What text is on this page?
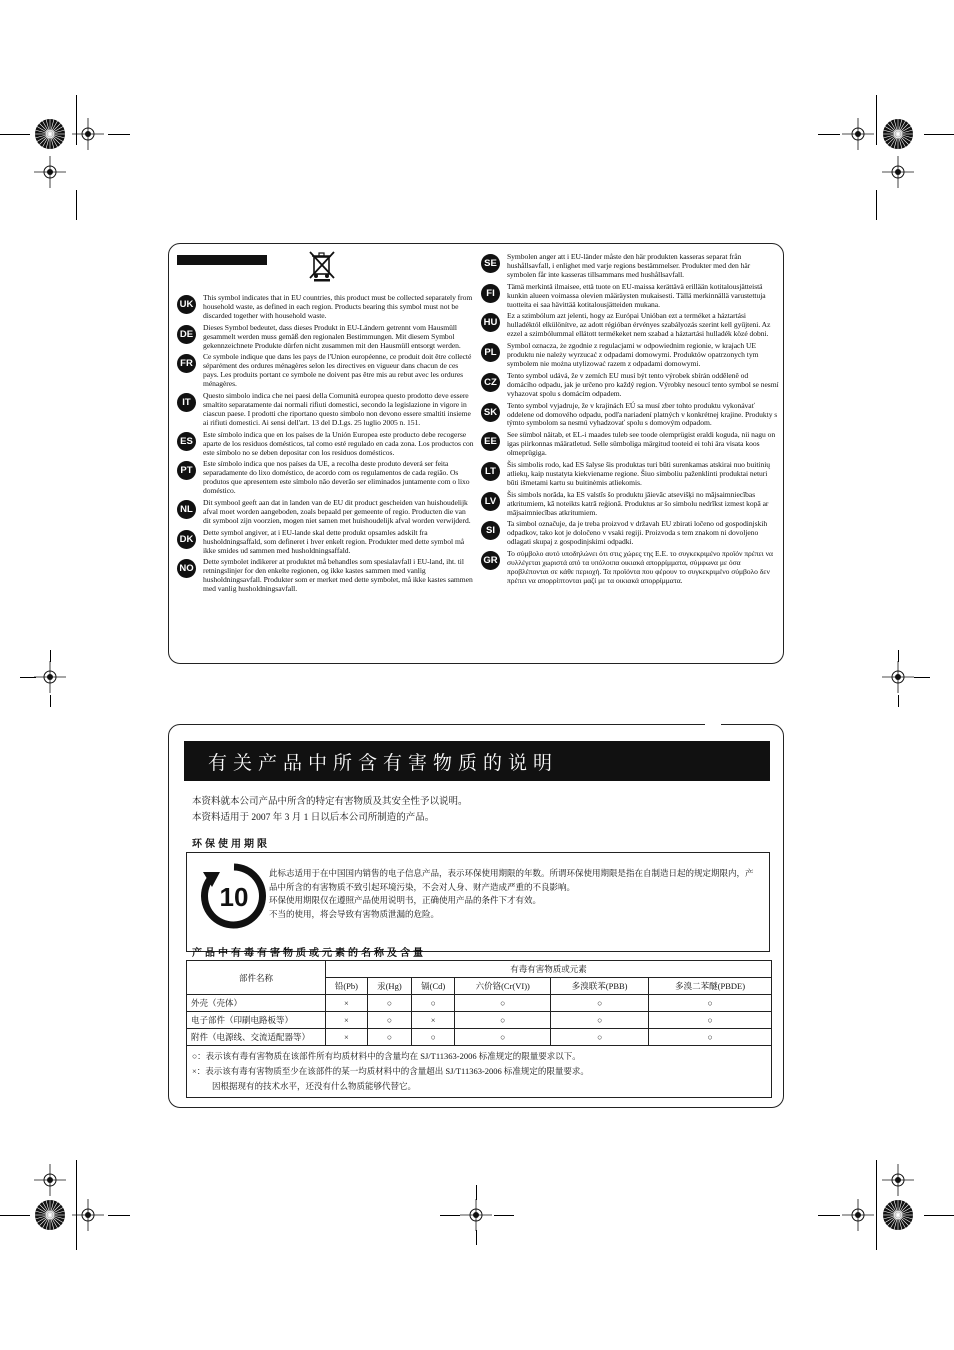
UK
This symbol indicates that in EU countries, this product must be collected separately from household waste, as defined in each region. Products bearing this symbol must not be discarded together with household waste.
DE
Dieses Symbol bedeutet, dass dieses Produkt in EU-Ländern getrennt vom Hausmüll gesammelt werden muss gemäß den regionalen Bestimmungen. Mit diesem Symbol gekennzeichnete Produkte dürfen nicht zusammen mit den Hausmüll entsorgt werden.
FR
Ce symbole indique que dans les pays de l'Union européenne, ce produit doit être collecté séparément des ordures ménagères selon les directives en vigueur dans chacun de ces pays. Les produits portant ce symbole ne doivent pas être mis au rebut avec les ordures ménagères.
IT
Questo simbolo indica che nei paesi della Comunità europea questo prodotto deve essere smaltito separatamente dai normali rifiuti domestici, secondo la legislazione in vigore in ciascun paese. I prodotti che riportano questo simbolo non devono essere smaltiti insieme ai rifiuti domestici. Ai sensi dell'art. 13 del D.Lgs. 25 luglio 2005 n. 151.
ES
Este símbolo indica que en los países de la Unión Europea este producto debe recogerse aparte de los residuos domésticos, tal como esté regulado en cada zona. Los productos con este símbolo no se deben depositar con los residuos domésticos.
PT
Este símbolo indica que nos países da UE, a recolha deste produto deverá ser feita separadamente do lixo doméstico, de acordo com os regulamentos de cada região. Os produtos que apresentem este símbolo não deverão ser eliminados juntamente com o lixo doméstico.
NL
Dit symbool geeft aan dat in landen van de EU dit product gescheiden van huishoudelijk afval moet worden aangeboden, zoals bepaald per gemeente of regio. Producten die van dit symbool zijn voorzien, mogen niet samen met huishoudelijk afval worden verwijderd.
DK
Dette symbol angiver, at i EU-lande skal dette produkt opsamles adskilt fra husholdningsaffald, som defineret i hver enkelt region. Produkter med dette symbol må ikke smides ud sammen med husholdningsaffald.
NO
Dette symbolet indikerer at produktet må behandles som spesialavfall i EU-land, iht. til retningslinjer for den enkelte regionen, og ikke kastes sammen med vanlig husholdningsavfall. Produkter som er merket med dette symbolet, må ikke kastes sammen med vanlig husholdningsavfall.
SE
Symbolen anger att i EU-länder måste den här produkten kasseras separat från hushållsavfall, i enlighet med varje regions bestämmelser. Produkter med den här symbolen får inte kasseras tillsammans med hushållsavfall.
FI
Tämä merkintä ilmaisee, että tuote on EU-maissa kerättävä erillään kotitalousjätteistä kunkin alueen voimassa olevien määräysten mukaisesti. Tällä merkinnällä varustettuja tuotteita ei saa hävittää kotitalousjätteiden mukana.
HU
Ez a szimbólum azt jelenti, hogy az Európai Unióban ezt a terméket a háztartási hulladéktól elkülönítve, az adott régióban érvényes szabályozás szerint kell gyűjteni. Az ezzel a szimbólummal ellátott termékeket nem szabad a háztartási hulladék közé dobni.
PL
Symbol oznacza, że zgodnie z regulacjami w odpowiednim regionie, w krajach UE produktu nie należy wyrzucać z odpadami domowymi. Produktów opatrzonych tym symbolem nie można utylizować razem z odpadami domowymi.
CZ
Tento symbol udává, že v zemích EU musí být tento výrobek sbírán odděleně od domácího odpadu, jak je určeno pro každý region. Výrobky nesoucí tento symbol se nesmí vyhazovat spolu s domácím odpadem.
SK
Tento symbol vyjadruje, že v krajinách EÚ sa musí zber tohto produktu vykonávať oddelene od domového odpadu, podľa nariadení platných v konkrétnej krajine. Produkty s týmto symbolom sa nesmú vyhadzovať spolu s domovým odpadom.
EE
See sümbol näitab, et EL-i maades tuleb see toode olemprügist eraldi koguda, nii nagu on igas piirkonnas määratletud. Selle sümboliga märgitud tooteid ei tohi ära visata koos olmeprügiga.
LT
Šis simbolis rodo, kad ES šalyse šis produktas turi būti surenkamas atskirai nuo buitinių atliekų, kaip nustatyta kiekviename regione. Šiuo simboliu paženklinti produktai neturi būti išmetami kartu su buitinėmis atliekomis.
LV
Šis simbols norāda, ka ES valstīs šo produktu jāievāc atsevišķi no mājsaimniecības atkritumiem, kā noteikts katrā reģionā. Produktus ar šo simbolu nedrīkst izmest kopā ar mājsaimniecības atkritumiem.
SI
Ta simbol označuje, da je treba proizvod v državah EU zbirati ločeno od gospodinjskih odpadkov, tako kot je določeno v vsaki regiji. Proizvoda s tem znakom ni dovoljeno odlagati skupaj z gospodinjskimi odpadki.
GR
Το σύμβολο αυτό υποδηλώνει ότι στις χώρες της Ε.Ε. το συγκεκριμένο προϊόν πρέπει να συλλέγεται χωριστά από τα υπόλοιπα οικιακά απορρίμματα, σύμφωνα με όσα προβλέπονται σε κάθε περιοχή. Τα προϊόντα που φέρουν το συγκεκριμένο σύμβολο δεν πρέπει να απορρίπτονται μαζί με τα οικιακά απορρίμματα.
有关产品中所含有害物质的说明
本资料就本公司产品中所含的特定有害物质及其安全性予以说明。
本资料适用于 2007 年 3 月 1 日以后本公司所制造的产品。
环保使用期限
10
此标志适用于在中国国内销售的电子信息产品，表示环保使用期限的年数。所谓环保使用期限是指在自制造日起的规定期限内，产品中所含的有害物质不致引起环境污染，不会对人身、财产造成严重的不良影响。
环保使用期限仅在遵照产品使用说明书，正确使用产品的条件下才有效。
不当的使用，将会导致有害物质泄漏的危险。
产品中有毒有害物质或元素的名称及含量
部件名称	有毒有害物质或元素					
	铅(Pb)	汞(Hg)	镉(Cd)	六价铬(Cr(VI))	多溴联苯(PBB)	多溴二苯醚(PBDE)
外壳（壳体）	×	○	○	○	○	○
电子部件（印刷电路板等）	×	○	×	○	○	○
附件（电源线、交流适配器等）	×	○	○	○	○	○

○：表示该有毒有害物质在该部件所有均质材料中的含量均在 SJ/T11363-2006 标准规定的限量要求以下。
×：表示该有毒有害物质至少在该部件的某一均质材料中的含量超出 SJ/T11363-2006 标准规定的限量要求。
因根据现有的技术水平，还没有什么物质能够代替它。						
